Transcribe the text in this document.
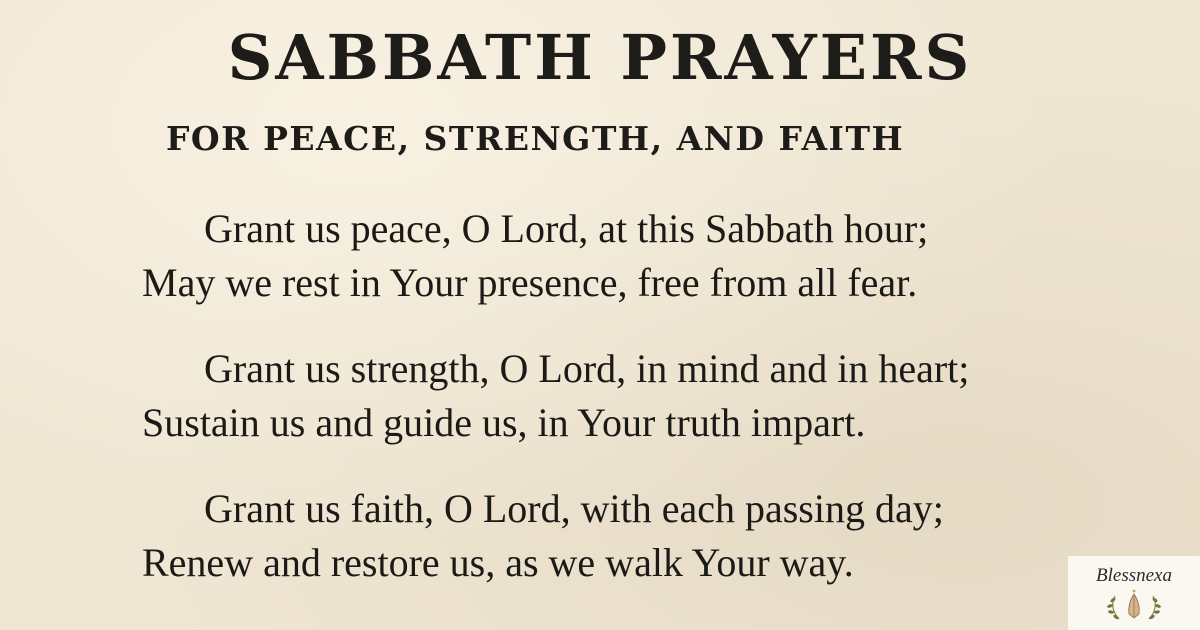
SABBATH PRAYERS
FOR PEACE, STRENGTH, AND FAITH
Grant us peace, O Lord, at this Sabbath hour;
May we rest in Your presence, free from all fear.
Grant us strength, O Lord, in mind and in heart;
Sustain us and guide us, in Your truth impart.
Grant us faith, O Lord, with each passing day;
Renew and restore us, as we walk Your way.	Blessnexa
